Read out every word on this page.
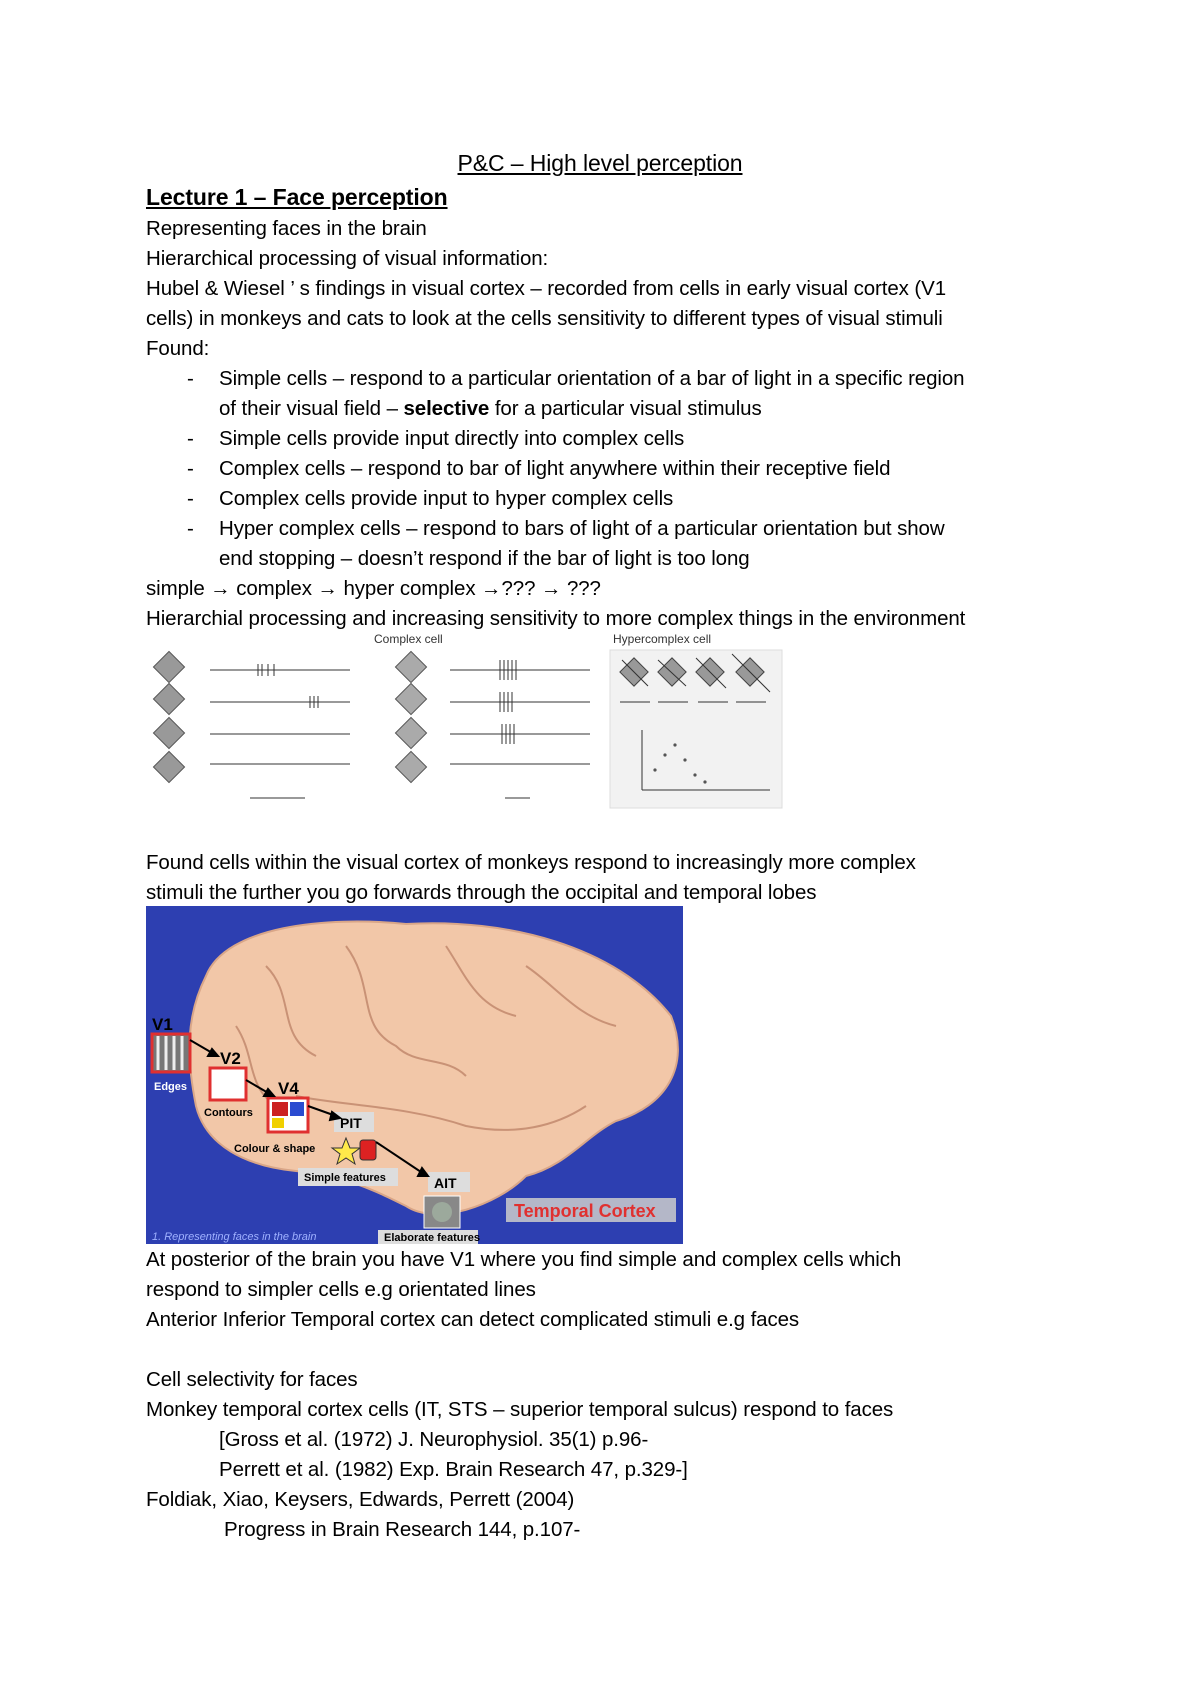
P&C – High level perception
Lecture 1 – Face perception
Representing faces in the brain
Hierarchical processing of visual information:
Hubel & Wiesel ’ s findings in visual cortex – recorded from cells in early visual cortex (V1
cells) in monkeys and cats to look at the cells sensitivity to different types of visual stimuli
Found:
- Simple cells – respond to a particular orientation of a bar of light in a specific region
of their visual field – selective for a particular visual stimulus
- Simple cells provide input directly into complex cells
- Complex cells – respond to bar of light anywhere within their receptive field
- Complex cells provide input to hyper complex cells
- Hyper complex cells – respond to bars of light of a particular orientation but show
end stopping – doesn’t respond if the bar of light is too long
simple → complex → hyper complex →??? → ???
Hierarchial processing and increasing sensitivity to more complex things in the environment
Complex cell	Hypercomplex cell
Found cells within the visual cortex of monkeys respond to increasingly more complex
stimuli the further you go forwards through the occipital and temporal lobes
V1
Edges
V2
Contours
V4
Colour & shape
PIT
Simple features	AIT
Elaborate features
Temporal Cortex
1. Representing faces in the brain
At posterior of the brain you have V1 where you find simple and complex cells which
respond to simpler cells e.g orientated lines
Anterior Inferior Temporal cortex can detect complicated stimuli e.g faces
Cell selectivity for faces
Monkey temporal cortex cells (IT, STS – superior temporal sulcus) respond to faces
[Gross et al. (1972) J. Neurophysiol. 35(1) p.96-
Perrett et al. (1982) Exp. Brain Research 47, p.329-]
Foldiak, Xiao, Keysers, Edwards, Perrett (2004)
Progress in Brain Research 144, p.107-
